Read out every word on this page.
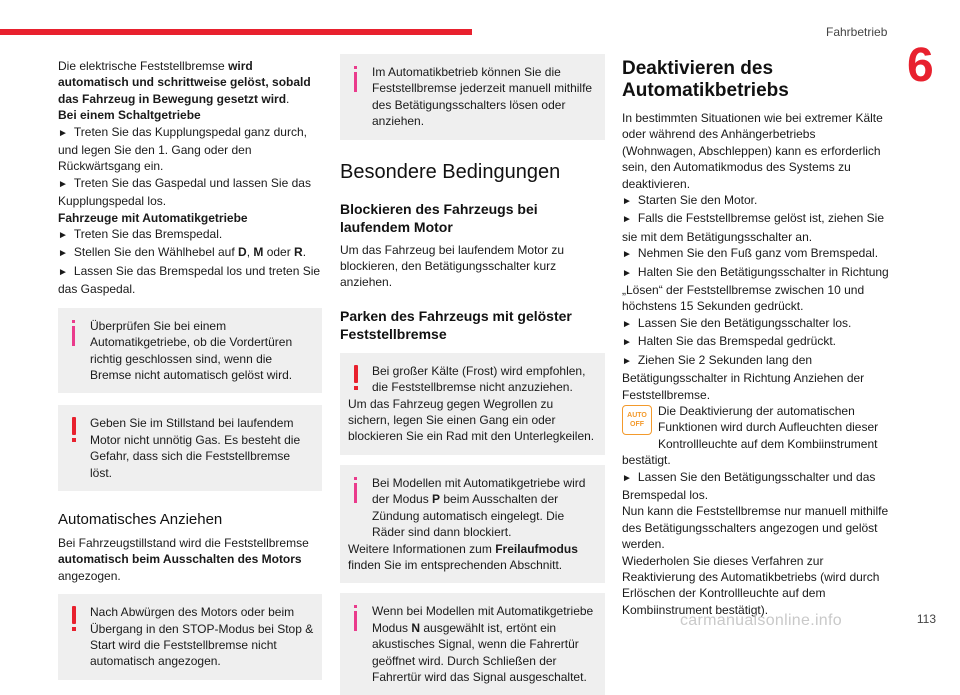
Fahrbetrieb
6

Die elektrische Feststellbremse wird automatisch und schrittweise gelöst, sobald das Fahrzeug in Bewegung gesetzt wird.

Bei einem Schaltgetriebe

► Treten Sie das Kupplungspedal ganz durch, und legen Sie den 1. Gang oder den Rückwärtsgang ein.

► Treten Sie das Gaspedal und lassen Sie das Kupplungspedal los.

Fahrzeuge mit Automatikgetriebe

► Treten Sie das Bremspedal.

► Stellen Sie den Wählhebel auf D, M oder R.

► Lassen Sie das Bremspedal los und treten Sie das Gaspedal.

Überprüfen Sie bei einem Automatikgetriebe, ob die Vordertüren richtig geschlossen sind, wenn die Bremse nicht automatisch gelöst wird.

Geben Sie im Stillstand bei laufendem Motor nicht unnötig Gas. Es besteht die Gefahr, dass sich die Feststellbremse löst.

Automatisches Anziehen

Bei Fahrzeugstillstand wird die Feststellbremse automatisch beim Ausschalten des Motors angezogen.

Nach Abwürgen des Motors oder beim Übergang in den STOP-Modus bei Stop & Start wird die Feststellbremse nicht automatisch angezogen.

Im Automatikbetrieb können Sie die Feststellbremse jederzeit manuell mithilfe des Betätigungsschalters lösen oder anziehen.

Besondere Bedingungen
Blockieren des Fahrzeugs bei laufendem Motor

Um das Fahrzeug bei laufendem Motor zu blockieren, den Betätigungsschalter kurz anziehen.

Parken des Fahrzeugs mit gelöster Feststellbremse

Bei großer Kälte (Frost) wird empfohlen, die Feststellbremse nicht anzuziehen.

Um das Fahrzeug gegen Wegrollen zu sichern, legen Sie einen Gang ein oder blockieren Sie ein Rad mit den Unterlegkeilen.

Bei Modellen mit Automatikgetriebe wird der Modus P beim Ausschalten der Zündung automatisch eingelegt. Die Räder sind dann blockiert.

Weitere Informationen zum Freilaufmodus finden Sie im entsprechenden Abschnitt.

Wenn bei Modellen mit Automatikgetriebe Modus N ausgewählt ist, ertönt ein akustisches Signal, wenn die Fahrertür geöffnet wird. Durch Schließen der Fahrertür wird das Signal ausgeschaltet.

Deaktivieren des Automatikbetriebs

In bestimmten Situationen wie bei extremer Kälte oder während des Anhängerbetriebs (Wohnwagen, Abschleppen) kann es erforderlich sein, den Automatikmodus des Systems zu deaktivieren.

► Starten Sie den Motor.

► Falls die Feststellbremse gelöst ist, ziehen Sie sie mit dem Betätigungsschalter an.

► Nehmen Sie den Fuß ganz vom Bremspedal.

► Halten Sie den Betätigungsschalter in Richtung „Lösen“ der Feststellbremse zwischen 10 und höchstens 15 Sekunden gedrückt.

► Lassen Sie den Betätigungsschalter los.

► Halten Sie das Bremspedal gedrückt.

► Ziehen Sie 2 Sekunden lang den Betätigungsschalter in Richtung Anziehen der Feststellbremse.

AUTO
OFF
Die Deaktivierung der automatischen Funktionen wird durch Aufleuchten dieser Kontrollleuchte auf dem Kombiinstrument bestätigt.

► Lassen Sie den Betätigungsschalter und das Bremspedal los.

Nun kann die Feststellbremse nur manuell mithilfe des Betätigungsschalters angezogen und gelöst werden.

Wiederholen Sie dieses Verfahren zur Reaktivierung des Automatikbetriebs (wird durch Erlöschen der Kontrollleuchte auf dem Kombiinstrument bestätigt).

carmanualsonline.info	113
